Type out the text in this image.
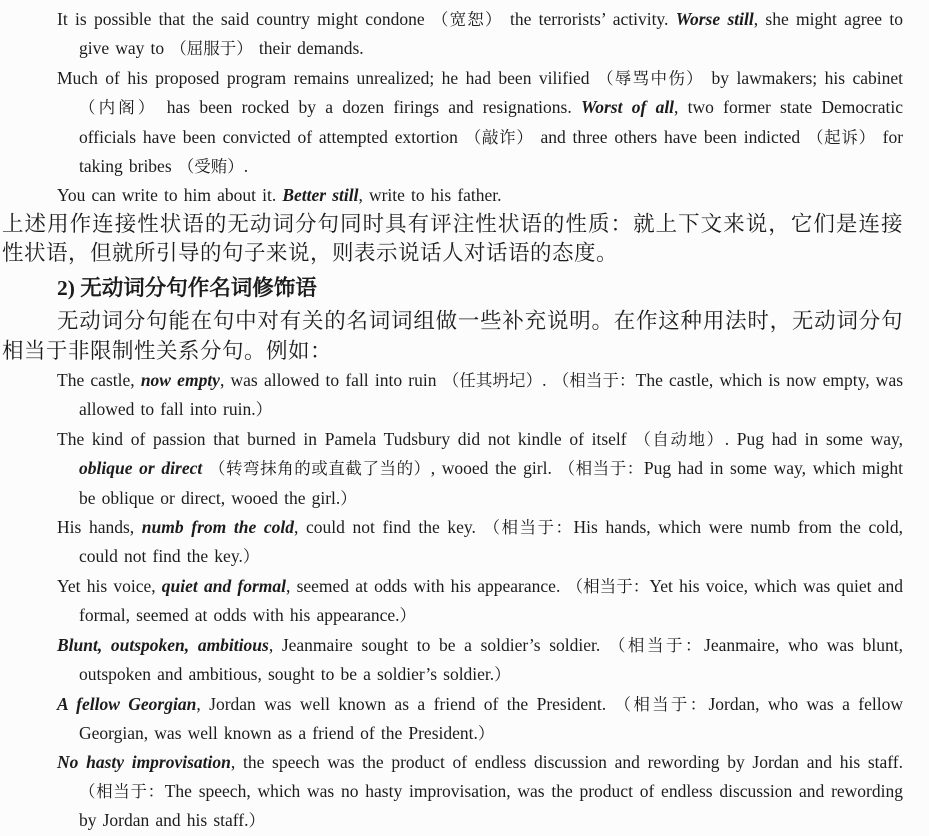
It is possible that the said country might condone （宽恕） the terrorists’ activity. Worse still, she might agree to give way to （屈服于） their demands.

Much of his proposed program remains unrealized; he had been vilified （辱骂中伤） by lawmakers; his cabinet （内阁） has been rocked by a dozen firings and resignations. Worst of all, two former state Democratic officials have been convicted of attempted extortion （敲诈） and three others have been indicted （起诉） for taking bribes （受贿）.

You can write to him about it. Better still, write to his father.

上述用作连接性状语的无动词分句同时具有评注性状语的性质：就上下文来说，它们是连接性状语，但就所引导的句子来说，则表示说话人对话语的态度。

2) 无动词分句作名词修饰语

无动词分句能在句中对有关的名词词组做一些补充说明。在作这种用法时，无动词分句相当于非限制性关系分句。例如：

The castle, now empty, was allowed to fall into ruin （任其坍圮）. （相当于：The castle, which is now empty, was allowed to fall into ruin.）

The kind of passion that burned in Pamela Tudsbury did not kindle of itself （自动地）. Pug had in some way, oblique or direct （转弯抹角的或直截了当的）, wooed the girl. （相当于：Pug had in some way, which might be oblique or direct, wooed the girl.）

His hands, numb from the cold, could not find the key. （相当于：His hands, which were numb from the cold, could not find the key.）

Yet his voice, quiet and formal, seemed at odds with his appearance. （相当于：Yet his voice, which was quiet and formal, seemed at odds with his appearance.）

Blunt, outspoken, ambitious, Jeanmaire sought to be a soldier’s soldier. （相当于：Jeanmaire, who was blunt, outspoken and ambitious, sought to be a soldier’s soldier.）

A fellow Georgian, Jordan was well known as a friend of the President. （相当于：Jordan, who was a fellow Georgian, was well known as a friend of the President.）

No hasty improvisation, the speech was the product of endless discussion and rewording by Jordan and his staff. （相当于：The speech, which was no hasty improvisation, was the product of endless discussion and rewording by Jordan and his staff.）
